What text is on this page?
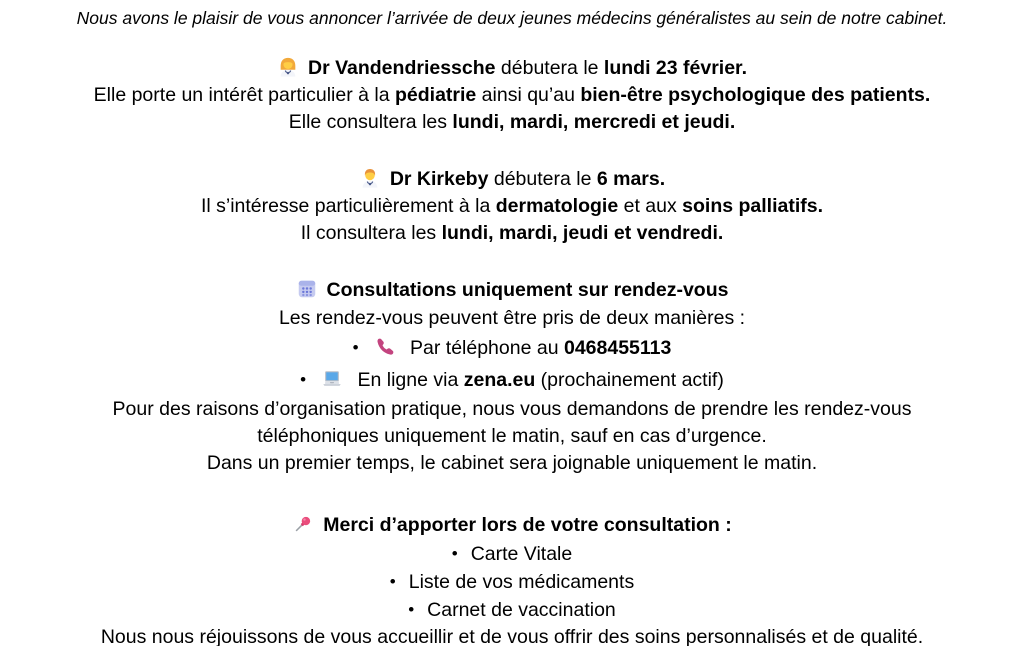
Nous avons le plaisir de vous annoncer l’arrivée de deux jeunes médecins généralistes au sein de notre cabinet.
Dr Vandendriessche débutera le lundi 23 février.
Elle porte un intérêt particulier à la pédiatrie ainsi qu’au bien-être psychologique des patients.
Elle consultera les lundi, mardi, mercredi et jeudi.
Dr Kirkeby débutera le 6 mars.
Il s’intéresse particulièrement à la dermatologie et aux soins palliatifs.
Il consultera les lundi, mardi, jeudi et vendredi.
Consultations uniquement sur rendez-vous
Les rendez-vous peuvent être pris de deux manières :
•
Par téléphone au 0468455113
•
En ligne via zena.eu (prochainement actif)
Pour des raisons d’organisation pratique, nous vous demandons de prendre les rendez-vous téléphoniques uniquement le matin, sauf en cas d’urgence.
Dans un premier temps, le cabinet sera joignable uniquement le matin.
Merci d’apporter lors de votre consultation :
• Carte Vitale
• Liste de vos médicaments
• Carnet de vaccination
Nous nous réjouissons de vous accueillir et de vous offrir des soins personnalisés et de qualité.
